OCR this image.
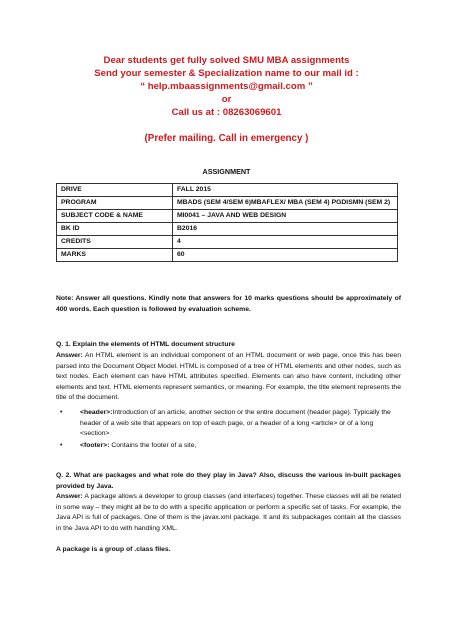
Dear students get fully solved SMU MBA assignments
Send your semester & Specialization name to our mail id :
“ help.mbaassignments@gmail.com ”
or
Call us at : 08263069601
(Prefer mailing. Call in emergency )
ASSIGNMENT
DRIVE	FALL 2015
PROGRAM	MBADS (SEM 4/SEM 6)MBAFLEX/ MBA (SEM 4) PGDISMN (SEM 2)
SUBJECT CODE & NAME	MI0041 – JAVA AND WEB DESIGN
BK ID	B2016
CREDITS	4
MARKS	60
Note: Answer all questions. Kindly note that answers for 10 marks questions should be approximately of 400 words. Each question is followed by evaluation scheme.
Q. 1. Explain the elements of HTML document structure
Answer: An HTML element is an individual component of an HTML document or web page, once this has been parsed into the Document Object Model. HTML is composed of a tree of HTML elements and other nodes, such as text nodes. Each element can have HTML attributes specified. Elements can also have content, including other elements and text. HTML elements represent semantics, or meaning. For example, the title element represents the title of the document.
•	<header>:Introduction of an article, another section or the entire document (header page). Typically the header of a web site that appears on top of each page, or a header of a long <article> or of a long <section>
•	<footer>: Contains the footer of a site,
Q. 2. What are packages and what role do they play in Java? Also, discuss the various in-built packages provided by Java.
Answer: A package allows a developer to group classes (and interfaces) together. These classes will all be related in some way – they might all be to do with a specific application or perform a specific set of tasks. For example, the Java API is full of packages. One of them is the javax.xml package. It and its subpackages contain all the classes in the Java API to do with handling XML.
A package is a group of .class files.
